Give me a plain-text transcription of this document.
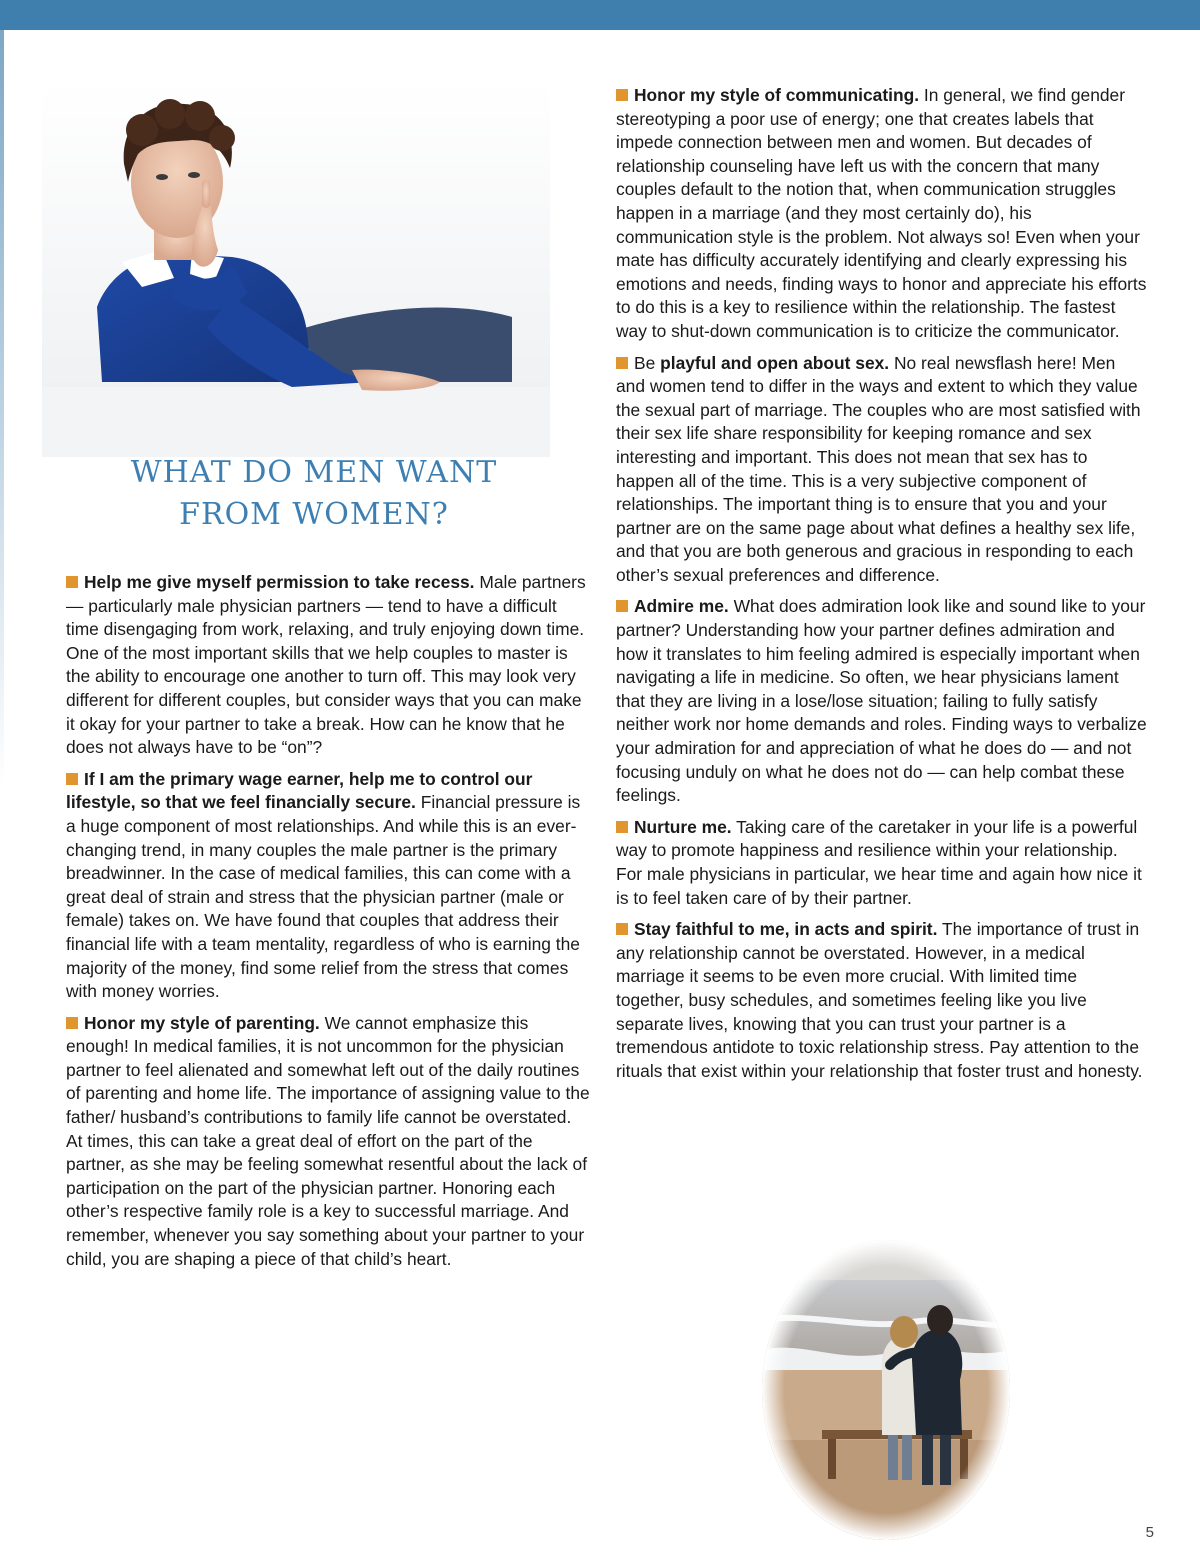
WHAT DO MEN WANT
FROM WOMEN?

Help me give myself permission to take recess. Male partners — particularly male physician partners — tend to have a difficult time disengaging from work, relaxing, and truly enjoying down time. One of the most important skills that we help couples to master is the ability to encourage one another to turn off. This may look very different for different couples, but consider ways that you can make it okay for your partner to take a break. How can he know that he does not always have to be “on”?

If I am the primary wage earner, help me to control our lifestyle, so that we feel financially secure. Financial pressure is a huge component of most relationships. And while this is an ever-changing trend, in many couples the male partner is the primary breadwinner. In the case of medical families, this can come with a great deal of strain and stress that the physician partner (male or female) takes on. We have found that couples that address their financial life with a team mentality, regardless of who is earning the majority of the money, find some relief from the stress that comes with money worries.

Honor my style of parenting. We cannot emphasize this enough! In medical families, it is not uncommon for the physician partner to feel alienated and somewhat left out of the daily routines of parenting and home life. The importance of assigning value to the father/ husband’s contributions to family life cannot be overstated. At times, this can take a great deal of effort on the part of the partner, as she may be feeling somewhat resentful about the lack of participation on the part of the physician partner. Honoring each other’s respective family role is a key to successful marriage. And remember, whenever you say something about your partner to your child, you are shaping a piece of that child’s heart.

Honor my style of communicating. In general, we find gender stereotyping a poor use of energy; one that creates labels that impede connection between men and women. But decades of relationship counseling have left us with the concern that many couples default to the notion that, when communication struggles happen in a marriage (and they most certainly do), his communication style is the problem. Not always so! Even when your mate has difficulty accurately identifying and clearly expressing his emotions and needs, finding ways to honor and appreciate his efforts to do this is a key to resilience within the relationship. The fastest way to shut-down communication is to criticize the communicator.

Be playful and open about sex. No real newsflash here! Men and women tend to differ in the ways and extent to which they value the sexual part of marriage. The couples who are most satisfied with their sex life share responsibility for keeping romance and sex interesting and important. This does not mean that sex has to happen all of the time. This is a very subjective component of relationships. The important thing is to ensure that you and your partner are on the same page about what defines a healthy sex life, and that you are both generous and gracious in responding to each other’s sexual preferences and difference.

Admire me. What does admiration look like and sound like to your partner? Understanding how your partner defines admiration and how it translates to him feeling admired is especially important when navigating a life in medicine. So often, we hear physicians lament that they are living in a lose/lose situation; failing to fully satisfy neither work nor home demands and roles. Finding ways to verbalize your admiration for and appreciation of what he does do — and not focusing unduly on what he does not do — can help combat these feelings.

Nurture me. Taking care of the caretaker in your life is a powerful way to promote happiness and resilience within your relationship. For male physicians in particular, we hear time and again how nice it is to feel taken care of by their partner.

Stay faithful to me, in acts and spirit. The importance of trust in any relationship cannot be overstated. However, in a medical marriage it seems to be even more crucial. With limited time together, busy schedules, and sometimes feeling like you live separate lives, knowing that you can trust your partner is a tremendous antidote to toxic relationship stress. Pay attention to the rituals that exist within your relationship that foster trust and honesty.

5
